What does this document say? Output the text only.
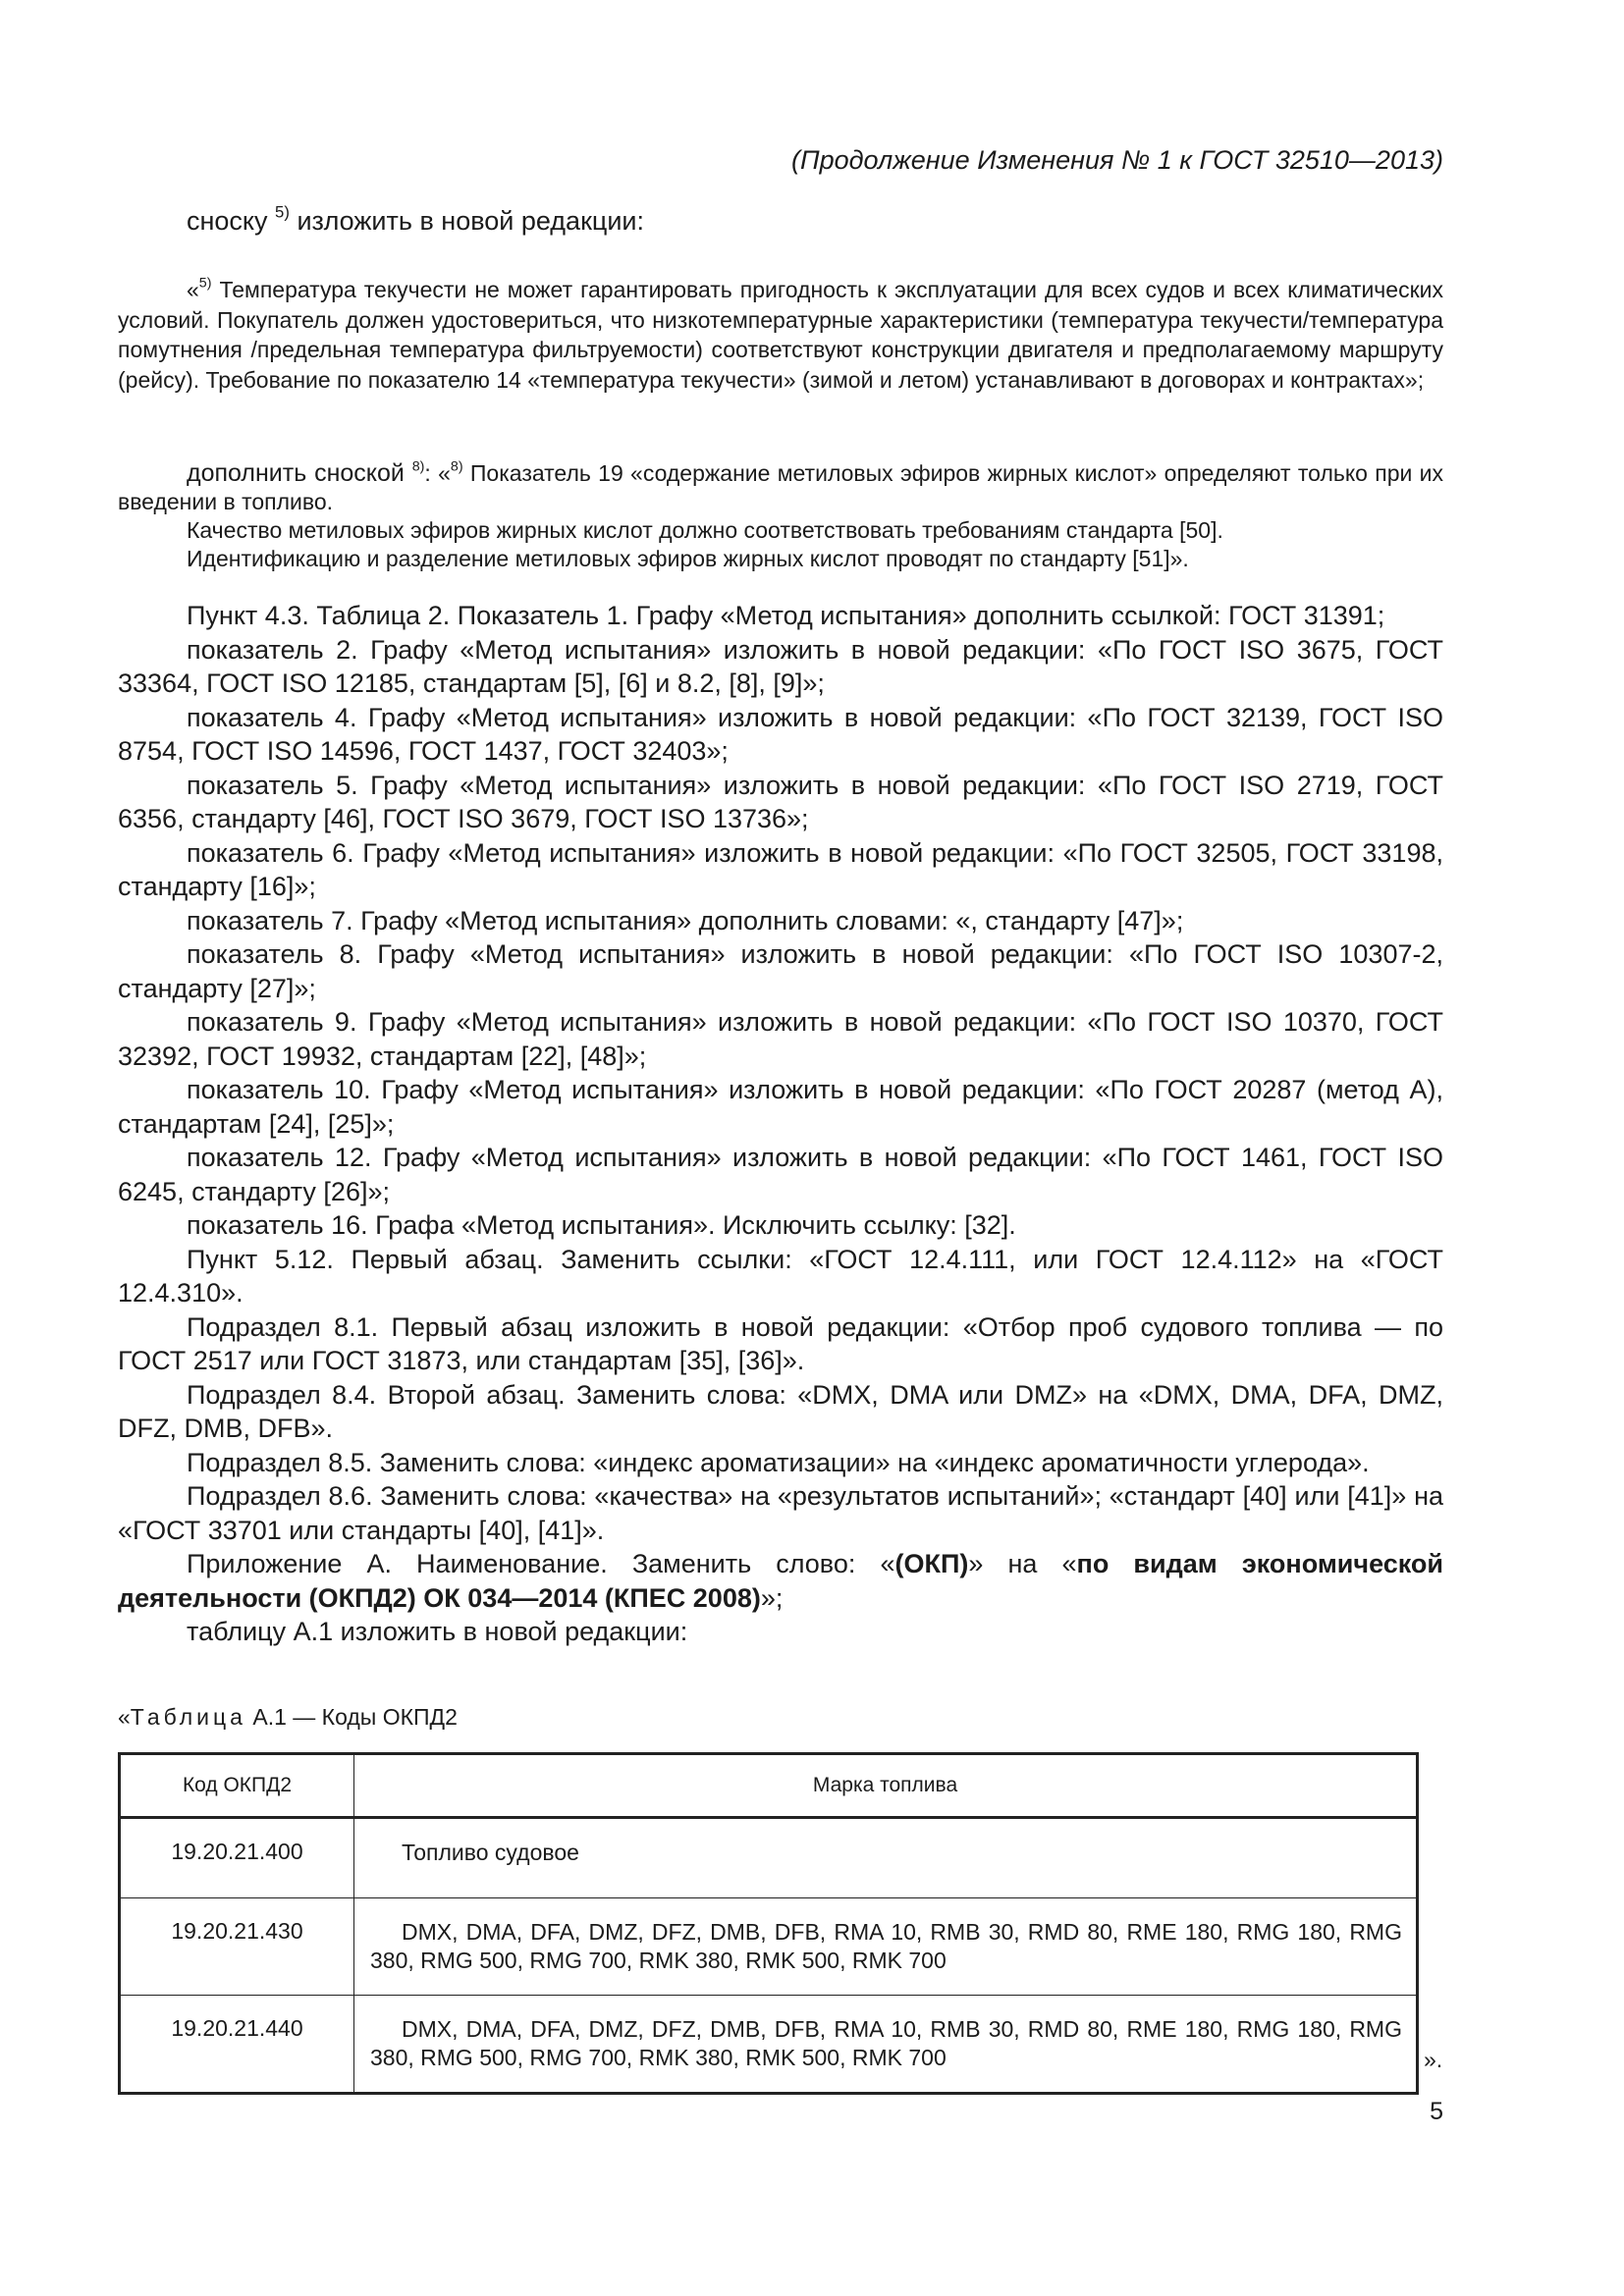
(Продолжение Изменения № 1 к ГОСТ 32510—2013)
сноску $^{5)}$ изложить в новой редакции:

«$^{5)}$ Температура текучести не может гарантировать пригодность к эксплуатации для всех судов и всех климатических условий. Покупатель должен удостовериться, что низкотемпературные характеристики (температура текучести/температура помутнения /предельная температура фильтруемости) соответствуют конструкции двигателя и предполагаемому маршруту (рейсу). Требование по показателю 14 «температура текучести» (зимой и летом) устанавливают в договорах и контрактах»;

дополнить сноской $^{8)}$: «$^{8)}$ Показатель 19 «содержание метиловых эфиров жирных кислот» определяют только при их введении в топливо.

Качество метиловых эфиров жирных кислот должно соответствовать требованиям стандарта [50].

Идентификацию и разделение метиловых эфиров жирных кислот проводят по стандарту [51]».

Пункт 4.3. Таблица 2. Показатель 1. Графу «Метод испытания» дополнить ссылкой: ГОСТ 31391;

показатель 2. Графу «Метод испытания» изложить в новой редакции: «По ГОСТ ISO 3675, ГОСТ 33364, ГОСТ ISO 12185, стандартам [5], [6] и 8.2, [8], [9]»;

показатель 4. Графу «Метод испытания» изложить в новой редакции: «По ГОСТ 32139, ГОСТ ISO 8754, ГОСТ ISO 14596, ГОСТ 1437, ГОСТ 32403»;

показатель 5. Графу «Метод испытания» изложить в новой редакции: «По ГОСТ ISO 2719, ГОСТ 6356, стандарту [46], ГОСТ ISO 3679, ГОСТ ISO 13736»;

показатель 6. Графу «Метод испытания» изложить в новой редакции: «По ГОСТ 32505, ГОСТ 33198, стандарту [16]»;

показатель 7. Графу «Метод испытания» дополнить словами: «, стандарту [47]»;

показатель 8. Графу «Метод испытания» изложить в новой редакции: «По ГОСТ ISO 10307-2, стандарту [27]»;

показатель 9. Графу «Метод испытания» изложить в новой редакции: «По ГОСТ ISO 10370, ГОСТ 32392, ГОСТ 19932, стандартам [22], [48]»;

показатель 10. Графу «Метод испытания» изложить в новой редакции: «По ГОСТ 20287 (метод А), стандартам [24], [25]»;

показатель 12. Графу «Метод испытания» изложить в новой редакции: «По ГОСТ 1461, ГОСТ ISO 6245, стандарту [26]»;

показатель 16. Графа «Метод испытания». Исключить ссылку: [32].

Пункт 5.12. Первый абзац. Заменить ссылки: «ГОСТ 12.4.111, или ГОСТ 12.4.112» на «ГОСТ 12.4.310».

Подраздел 8.1. Первый абзац изложить в новой редакции: «Отбор проб судового топлива — по ГОСТ 2517 или ГОСТ 31873, или стандартам [35], [36]».

Подраздел 8.4. Второй абзац. Заменить слова: «DMX, DMA или DMZ» на «DMX, DMA, DFA, DMZ, DFZ, DMB, DFB».

Подраздел 8.5. Заменить слова: «индекс ароматизации» на «индекс ароматичности углерода».

Подраздел 8.6. Заменить слова: «качества» на «результатов испытаний»; «стандарт [40] или [41]» на «ГОСТ 33701 или стандарты [40], [41]».

Приложение А. Наименование. Заменить слово: «(ОКП)» на «по видам экономической деятельности (ОКПД2) ОК 034—2014 (КПЕС 2008)»;

таблицу А.1 изложить в новой редакции:

«Таблица А.1 — Коды ОКПД2
Код ОКПД2	Марка топлива
19.20.21.400	Топливо судовое
19.20.21.430	DMX, DMA, DFA, DMZ, DFZ, DMB, DFB, RMA 10, RMB 30, RMD 80, RME 180, RMG 180, RMG 380, RMG 500, RMG 700, RMK 380, RMK 500, RMK 700
19.20.21.440	DMX, DMA, DFA, DMZ, DFZ, DMB, DFB, RMA 10, RMB 30, RMD 80, RME 180, RMG 180, RMG 380, RMG 500, RMG 700, RMK 380, RMK 500, RMK 700	».
5
